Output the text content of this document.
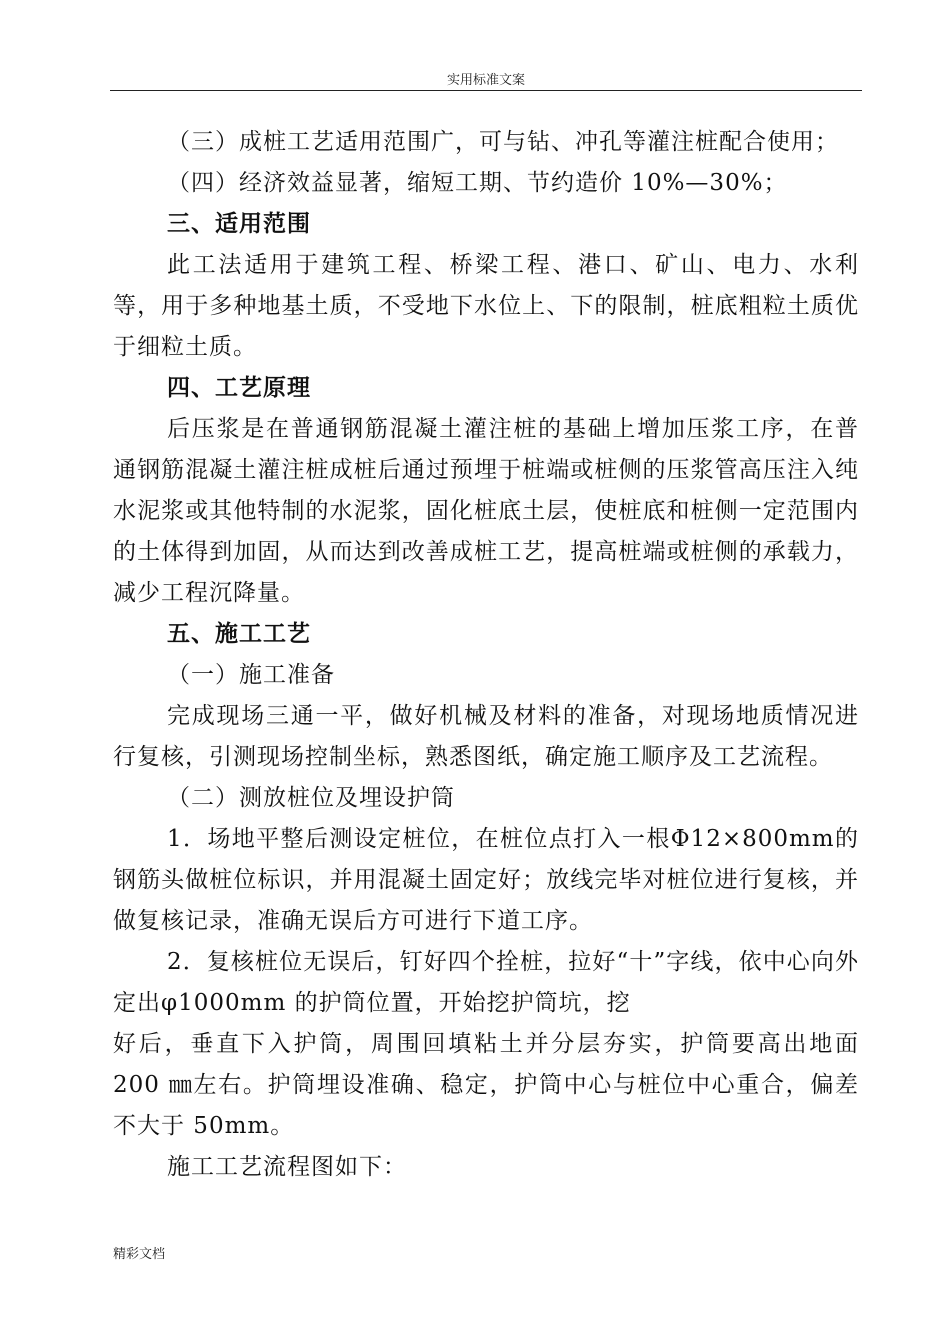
实用标准文案

（三）成桩工艺适用范围广，可与钻、冲孔等灌注桩配合使用；

（四）经济效益显著，缩短工期、节约造价 10%—30%；

三、适用范围

此工法适用于建筑工程、桥梁工程、港口、矿山、电力、水利等，用于多种地基土质，不受地下水位上、下的限制，桩底粗粒土质优于细粒土质。

四、工艺原理

后压浆是在普通钢筋混凝土灌注桩的基础上增加压浆工序，在普通钢筋混凝土灌注桩成桩后通过预埋于桩端或桩侧的压浆管高压注入纯水泥浆或其他特制的水泥浆，固化桩底土层，使桩底和桩侧一定范围内的土体得到加固，从而达到改善成桩工艺，提高桩端或桩侧的承载力，减少工程沉降量。

五、施工工艺

（一）施工准备

完成现场三通一平，做好机械及材料的准备，对现场地质情况进行复核，引测现场控制坐标，熟悉图纸，确定施工顺序及工艺流程。

（二）测放桩位及埋设护筒

1．场地平整后测设定桩位，在桩位点打入一根Φ12×800mm的钢筋头做桩位标识，并用混凝土固定好；放线完毕对桩位进行复核，并做复核记录，准确无误后方可进行下道工序。

2．复核桩位无误后，钉好四个拴桩，拉好“十”字线，依中心向外定出φ1000mm 的护筒位置，开始挖护筒坑，挖

好后，垂直下入护筒，周围回填粘土并分层夯实，护筒要高出地面 200 ㎜左右。护筒埋设准确、稳定，护筒中心与桩位中心重合，偏差不大于 50mm。

施工工艺流程图如下：

精彩文档
